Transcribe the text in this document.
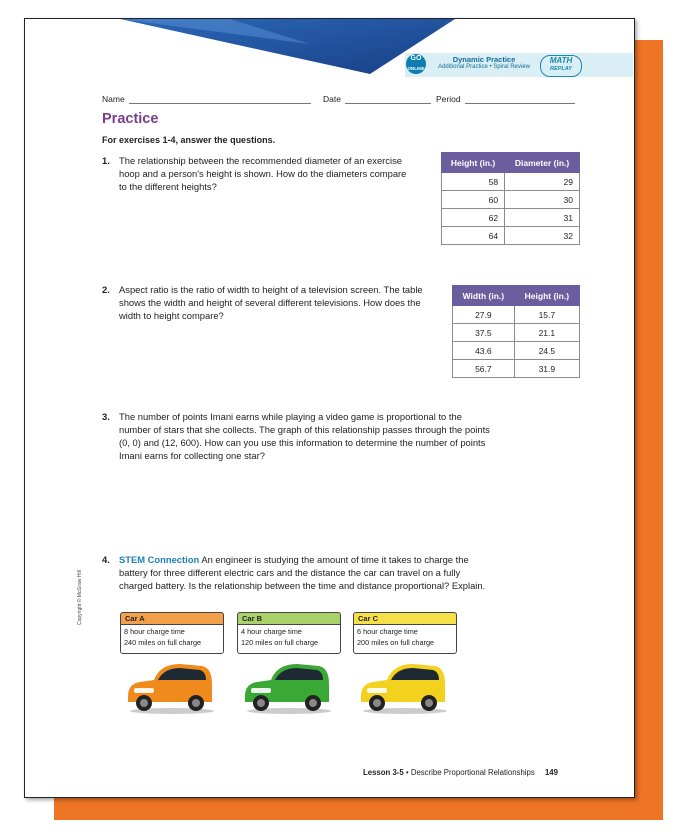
GO
ONLINE
Dynamic Practice
Additional Practice • Spiral Review
MATH
REPLAY
Name	Date	Period
Practice
For exercises 1-4, answer the questions.
1. The relationship between the recommended diameter of an exercise hoop and a person's height is shown. How do the diameters compare to the different heights?
Height (in.)	Diameter (in.)
58	29
60	30
62	31
64	32
2. Aspect ratio is the ratio of width to height of a television screen. The table shows the width and height of several different televisions. How does the width to height compare?
Width (in.)	Height (in.)
27.9	15.7
37.5	21.1
43.6	24.5
56.7	31.9
3. The number of points Imani earns while playing a video game is proportional to the number of stars that she collects. The graph of this relationship passes through the points (0, 0) and (12, 600). How can you use this information to determine the number of points Imani earns for collecting one star?
4. STEM Connection An engineer is studying the amount of time it takes to charge the battery for three different electric cars and the distance the car can travel on a fully charged battery. Is the relationship between the time and distance proportional? Explain.
Car A
8 hour charge time
240 miles on full charge
Car B
4 hour charge time
120 miles on full charge
Car C
6 hour charge time
200 miles on full charge
Copyright © McGraw Hill
Lesson 3-5 • Describe Proportional Relationships 149
